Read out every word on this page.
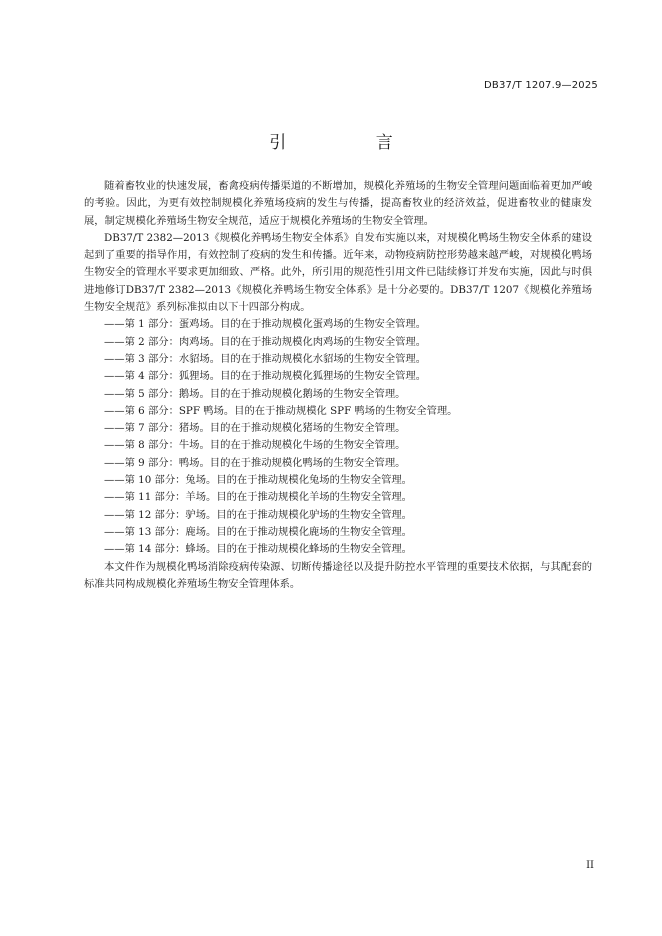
DB37/T 1207.9—2025
引 言

随着畜牧业的快速发展，畜禽疫病传播渠道的不断增加，规模化养殖场的生物安全管理问题面临着更加严峻的考验。因此，为更有效控制规模化养殖场疫病的发生与传播，提高畜牧业的经济效益，促进畜牧业的健康发展，制定规模化养殖场生物安全规范，适应于规模化养殖场的生物安全管理。

DB37/T 2382—2013《规模化养鸭场生物安全体系》自发布实施以来，对规模化鸭场生物安全体系的建设起到了重要的指导作用，有效控制了疫病的发生和传播。近年来，动物疫病防控形势越来越严峻，对规模化鸭场生物安全的管理水平要求更加细致、严格。此外，所引用的规范性引用文件已陆续修订并发布实施，因此与时俱进地修订DB37/T 2382—2013《规模化养鸭场生物安全体系》是十分必要的。DB37/T 1207《规模化养殖场生物安全规范》系列标准拟由以下十四部分构成。

——第 1 部分：蛋鸡场。目的在于推动规模化蛋鸡场的生物安全管理。
——第 2 部分：肉鸡场。目的在于推动规模化肉鸡场的生物安全管理。
——第 3 部分：水貂场。目的在于推动规模化水貂场的生物安全管理。
——第 4 部分：狐狸场。目的在于推动规模化狐狸场的生物安全管理。
——第 5 部分：鹅场。目的在于推动规模化鹅场的生物安全管理。
——第 6 部分：SPF 鸭场。目的在于推动规模化 SPF 鸭场的生物安全管理。
——第 7 部分：猪场。目的在于推动规模化猪场的生物安全管理。
——第 8 部分：牛场。目的在于推动规模化牛场的生物安全管理。
——第 9 部分：鸭场。目的在于推动规模化鸭场的生物安全管理。
——第 10 部分：兔场。目的在于推动规模化兔场的生物安全管理。
——第 11 部分：羊场。目的在于推动规模化羊场的生物安全管理。
——第 12 部分：驴场。目的在于推动规模化驴场的生物安全管理。
——第 13 部分：鹿场。目的在于推动规模化鹿场的生物安全管理。
——第 14 部分：蜂场。目的在于推动规模化蜂场的生物安全管理。

本文件作为规模化鸭场消除疫病传染源、切断传播途径以及提升防控水平管理的重要技术依据，与其配套的标准共同构成规模化养殖场生物安全管理体系。

II
